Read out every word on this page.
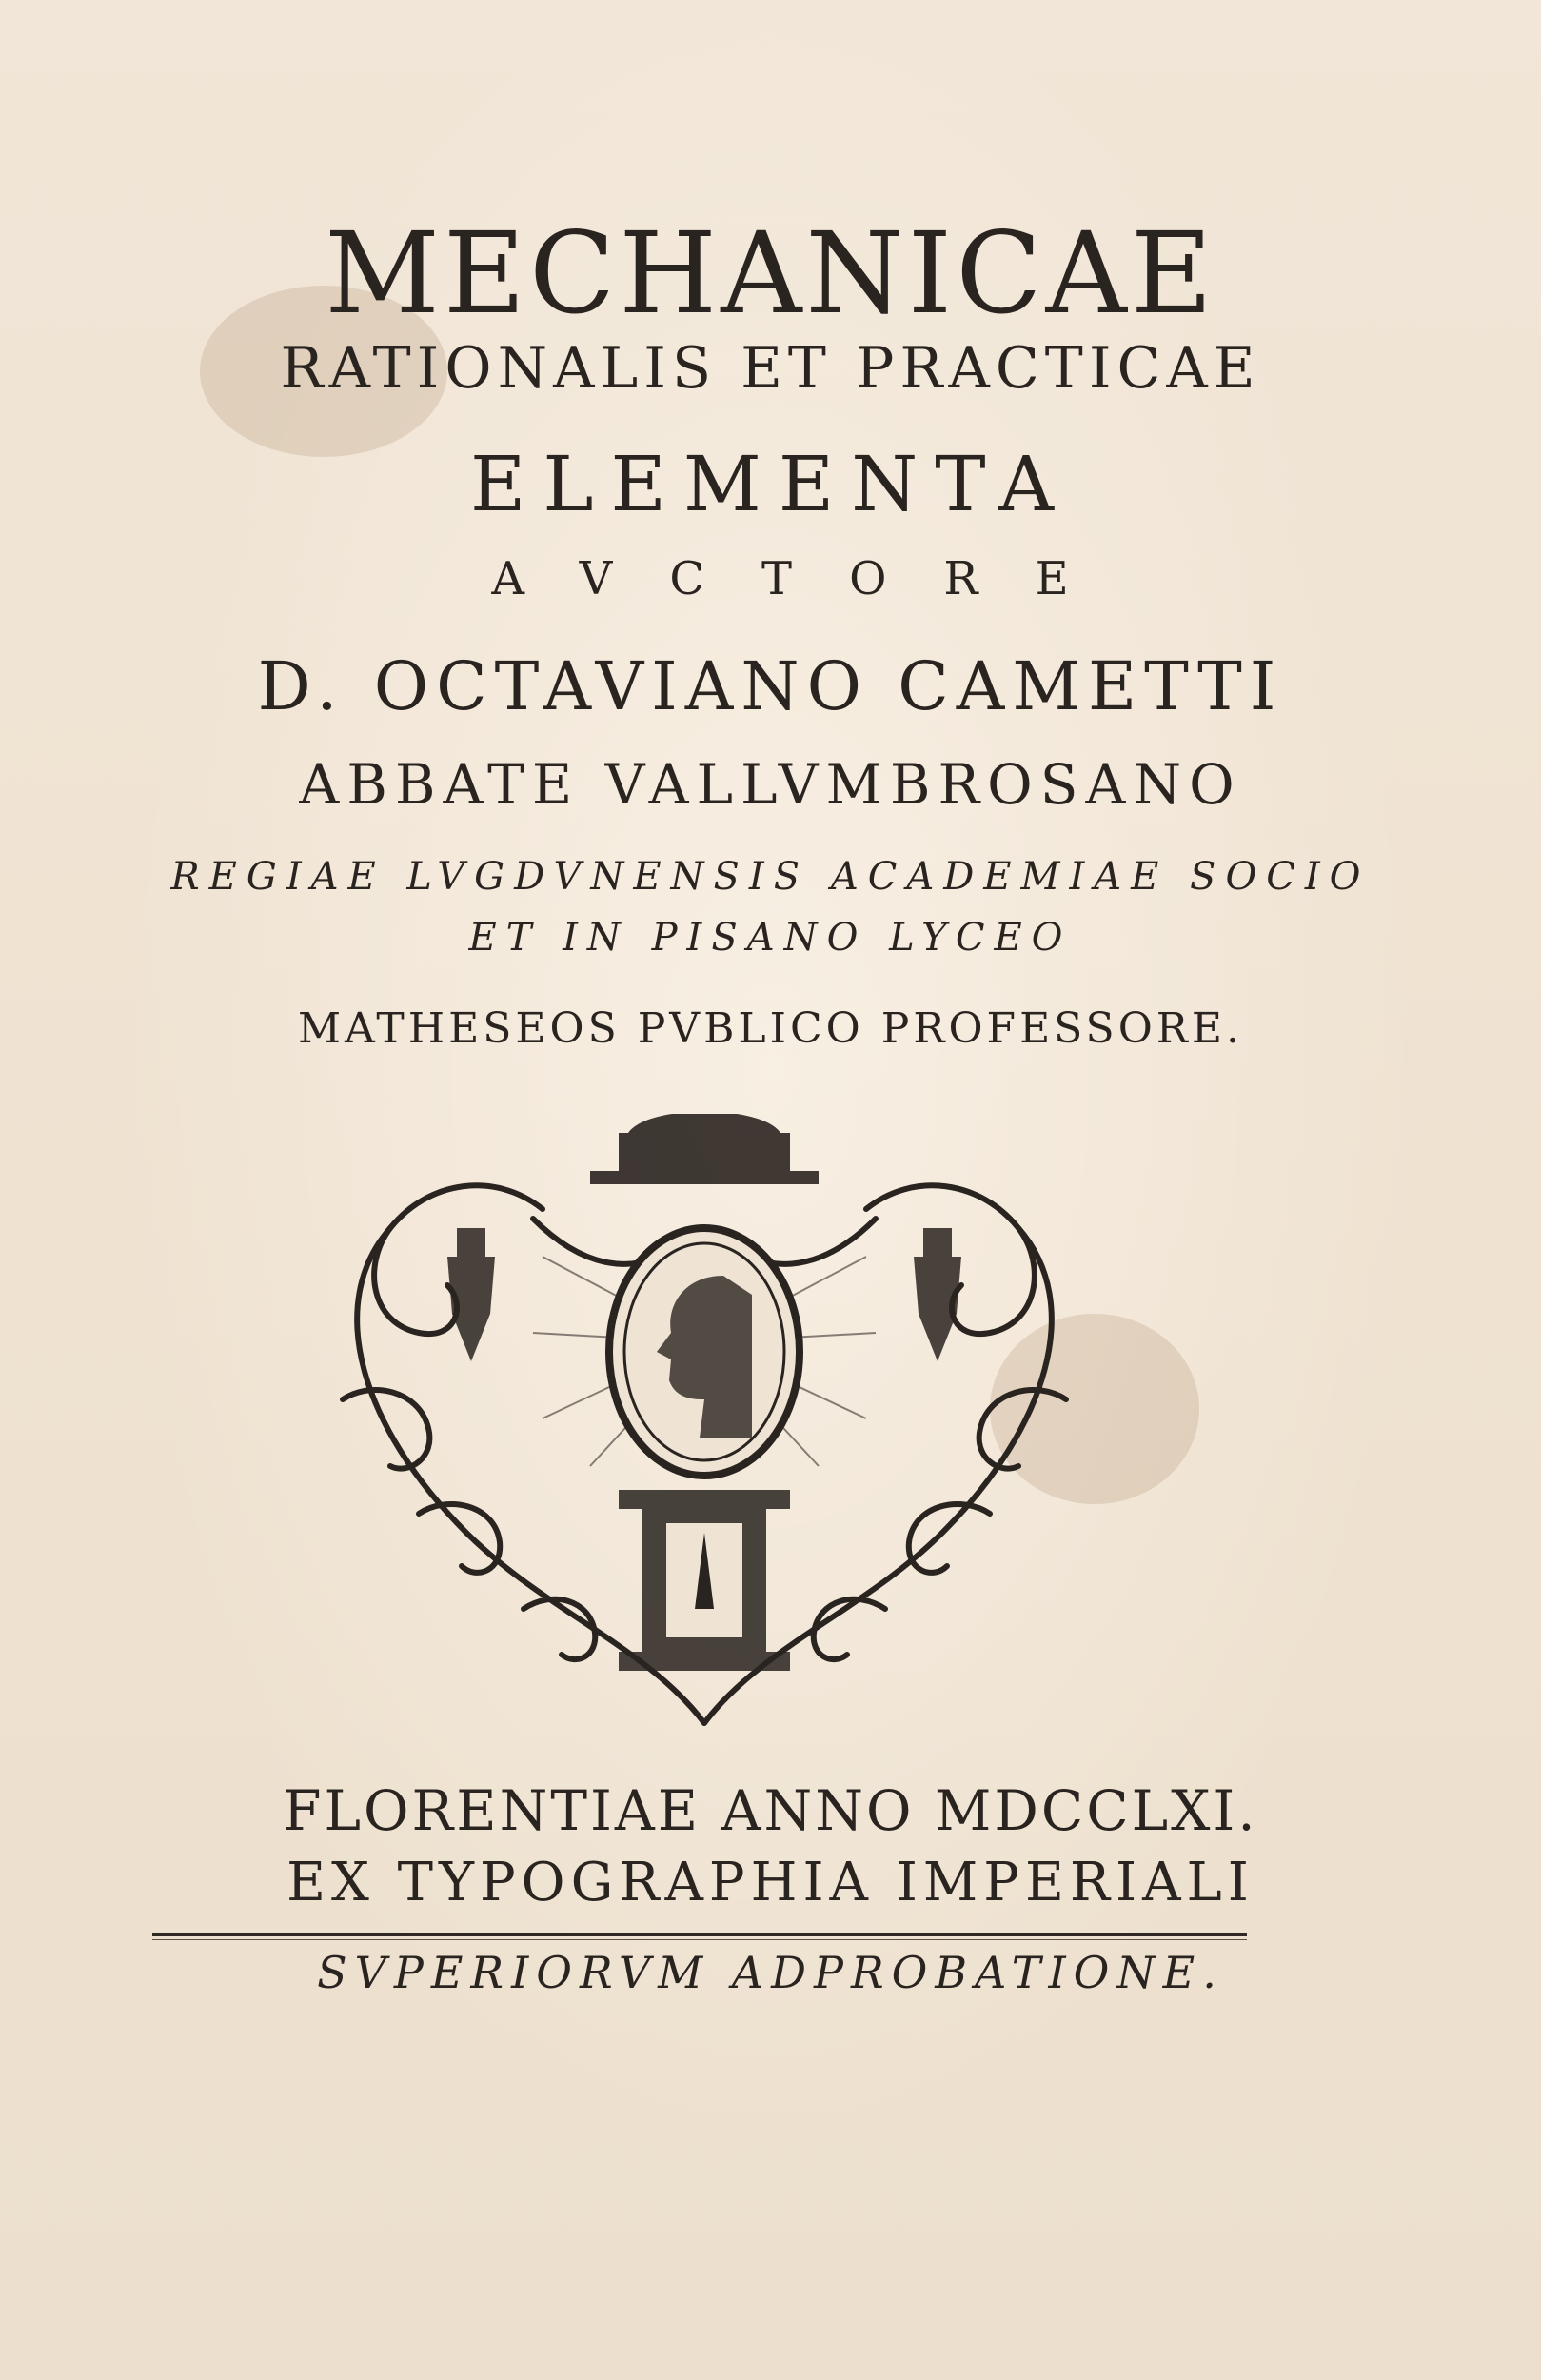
MECHANICAE
RATIONALIS ET PRACTICAE
ELEMENTA
AVCTORE
D. OCTAVIANO CAMETTI
ABBATE VALLVMBROSANO
REGIAE LVGDVNENSIS ACADEMIAE SOCIO
ET IN PISANO LYCEO
MATHESEOS PVBLICO PROFESSORE.
FLORENTIAE ANNO MDCCLXI.
EX TYPOGRAPHIA IMPERIALI
SVPERIORVM ADPROBATIONE.
